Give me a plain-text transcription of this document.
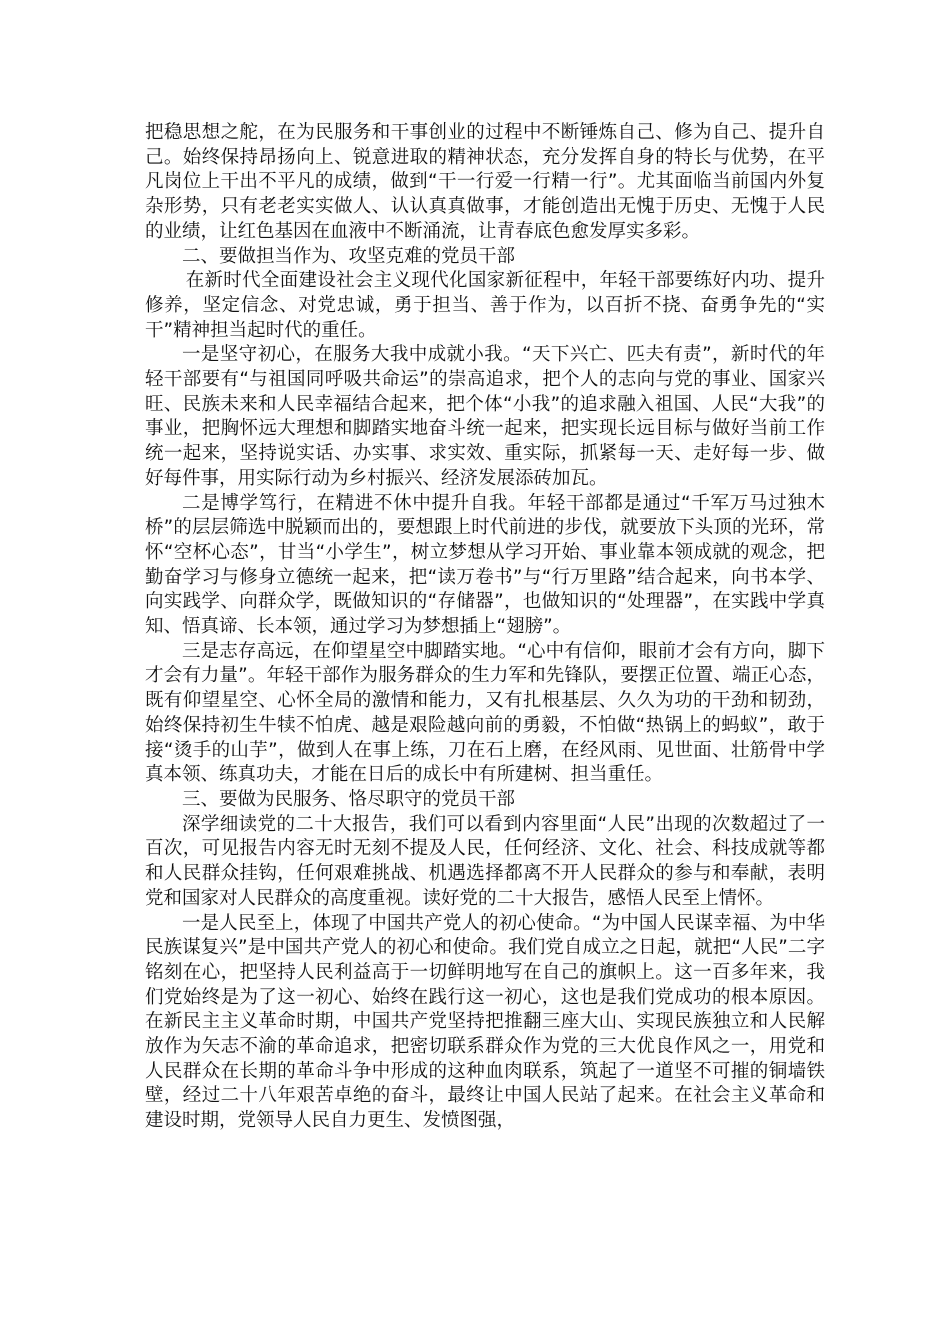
把稳思想之舵，在为民服务和干事创业的过程中不断锤炼自己、修为自己、提升自己。始终保持昂扬向上、锐意进取的精神状态，充分发挥自身的特长与优势，在平凡岗位上干出不平凡的成绩，做到“干一行爱一行精一行”。尤其面临当前国内外复杂形势，只有老老实实做人、认认真真做事，才能创造出无愧于历史、无愧于人民的业绩，让红色基因在血液中不断涌流，让青春底色愈发厚实多彩。

二、要做担当作为、攻坚克难的党员干部

在新时代全面建设社会主义现代化国家新征程中，年轻干部要练好内功、提升修养，坚定信念、对党忠诚，勇于担当、善于作为，以百折不挠、奋勇争先的“实干”精神担当起时代的重任。

一是坚守初心，在服务大我中成就小我。“天下兴亡、匹夫有责”，新时代的年轻干部要有“与祖国同呼吸共命运”的崇高追求，把个人的志向与党的事业、国家兴旺、民族未来和人民幸福结合起来，把个体“小我”的追求融入祖国、人民“大我”的事业，把胸怀远大理想和脚踏实地奋斗统一起来，把实现长远目标与做好当前工作统一起来，坚持说实话、办实事、求实效、重实际，抓紧每一天、走好每一步、做好每件事，用实际行动为乡村振兴、经济发展添砖加瓦。

二是博学笃行，在精进不休中提升自我。年轻干部都是通过“千军万马过独木桥”的层层筛选中脱颖而出的，要想跟上时代前进的步伐，就要放下头顶的光环，常怀“空杯心态”，甘当“小学生”，树立梦想从学习开始、事业靠本领成就的观念，把勤奋学习与修身立德统一起来，把“读万卷书”与“行万里路”结合起来，向书本学、向实践学、向群众学，既做知识的“存储器”，也做知识的“处理器”，在实践中学真知、悟真谛、长本领，通过学习为梦想插上“翅膀”。

三是志存高远，在仰望星空中脚踏实地。“心中有信仰，眼前才会有方向，脚下才会有力量”。年轻干部作为服务群众的生力军和先锋队，要摆正位置、端正心态，既有仰望星空、心怀全局的激情和能力，又有扎根基层、久久为功的干劲和韧劲，始终保持初生牛犊不怕虎、越是艰险越向前的勇毅，不怕做“热锅上的蚂蚁”，敢于接“烫手的山芋”，做到人在事上练，刀在石上磨，在经风雨、见世面、壮筋骨中学真本领、练真功夫，才能在日后的成长中有所建树、担当重任。

三、要做为民服务、恪尽职守的党员干部

深学细读党的二十大报告，我们可以看到内容里面“人民”出现的次数超过了一百次，可见报告内容无时无刻不提及人民，任何经济、文化、社会、科技成就等都和人民群众挂钩，任何艰难挑战、机遇选择都离不开人民群众的参与和奉献，表明党和国家对人民群众的高度重视。读好党的二十大报告，感悟人民至上情怀。

一是人民至上，体现了中国共产党人的初心使命。“为中国人民谋幸福、为中华民族谋复兴”是中国共产党人的初心和使命。我们党自成立之日起，就把“人民”二字铭刻在心，把坚持人民利益高于一切鲜明地写在自己的旗帜上。这一百多年来，我们党始终是为了这一初心、始终在践行这一初心，这也是我们党成功的根本原因。在新民主主义革命时期，中国共产党坚持把推翻三座大山、实现民族独立和人民解放作为矢志不渝的革命追求，把密切联系群众作为党的三大优良作风之一，用党和人民群众在长期的革命斗争中形成的这种血肉联系，筑起了一道坚不可摧的铜墙铁壁，经过二十八年艰苦卓绝的奋斗，最终让中国人民站了起来。在社会主义革命和建设时期，党领导人民自力更生、发愤图强，
